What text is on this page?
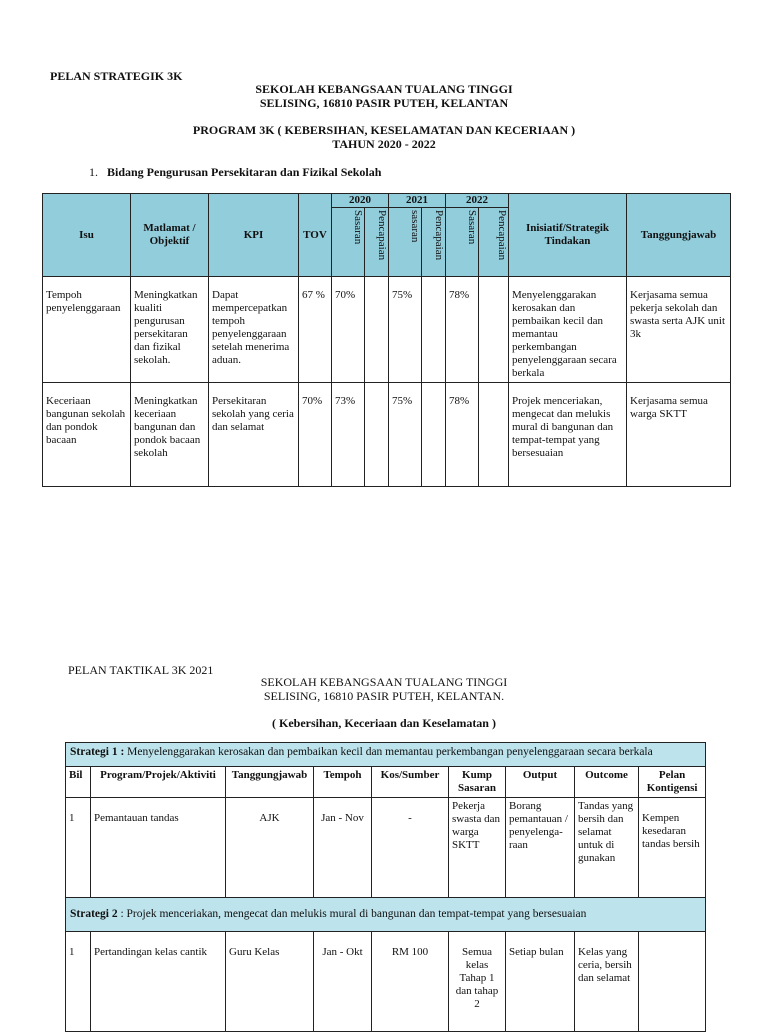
PELAN STRATEGIK 3K
SEKOLAH KEBANGSAAN TUALANG TINGGI
SELISING, 16810 PASIR PUTEH, KELANTAN
PROGRAM 3K ( KEBERSIHAN, KESELAMATAN DAN KECERIAAN )
TAHUN 2020 - 2022
1. Bidang Pengurusan Persekitaran dan Fizikal Sekolah
Isu	Matlamat / Objektif	KPI	TOV	2020		2021		2022		Inisiatif/Strategik Tindakan	Tanggungjawab
				Sasaran	Pencapaian	sasaran	Pencapaian	Sasaran	Pencapaian		
Tempoh penyelenggaraan	Meningkatkan kualiti pengurusan persekitaran dan fizikal sekolah.	Dapat mempercepatkan tempoh penyelenggaraan setelah menerima aduan.	67 %	70%		75%		78%		Menyelenggarakan kerosakan dan pembaikan kecil dan memantau perkembangan penyelenggaraan secara berkala	Kerjasama semua pekerja sekolah dan swasta serta AJK unit 3k
Keceriaan bangunan sekolah dan pondok bacaan	Meningkatkan keceriaan bangunan dan pondok bacaan sekolah	Persekitaran sekolah yang ceria dan selamat	70%	73%		75%		78%		Projek menceriakan, mengecat dan melukis mural di bangunan dan tempat-tempat yang bersesuaian	Kerjasama semua warga SKTT
PELAN TAKTIKAL 3K 2021
SEKOLAH KEBANGSAAN TUALANG TINGGI
SELISING, 16810 PASIR PUTEH, KELANTAN.
( Kebersihan, Keceriaan dan Keselamatan )
Strategi 1 : Menyelenggarakan kerosakan dan pembaikan kecil dan memantau perkembangan penyelenggaraan secara berkala								
Bil	Program/Projek/Aktiviti	Tanggungjawab	Tempoh	Kos/Sumber	Kump Sasaran	Output	Outcome	Pelan Kontigensi
1	Pemantauan tandas	AJK	Jan - Nov	-	Pekerja swasta dan warga SKTT	Borang pemantauan / penyelenga-raan	Tandas yang bersih dan selamat untuk di gunakan	Kempen kesedaran tandas bersih
Strategi 2 : Projek menceriakan, mengecat dan melukis mural di bangunan dan tempat-tempat yang bersesuaian								
1	Pertandingan kelas cantik	Guru Kelas	Jan - Okt	RM 100	Semua kelas Tahap 1 dan tahap 2	Setiap bulan	Kelas yang ceria, bersih dan selamat	
